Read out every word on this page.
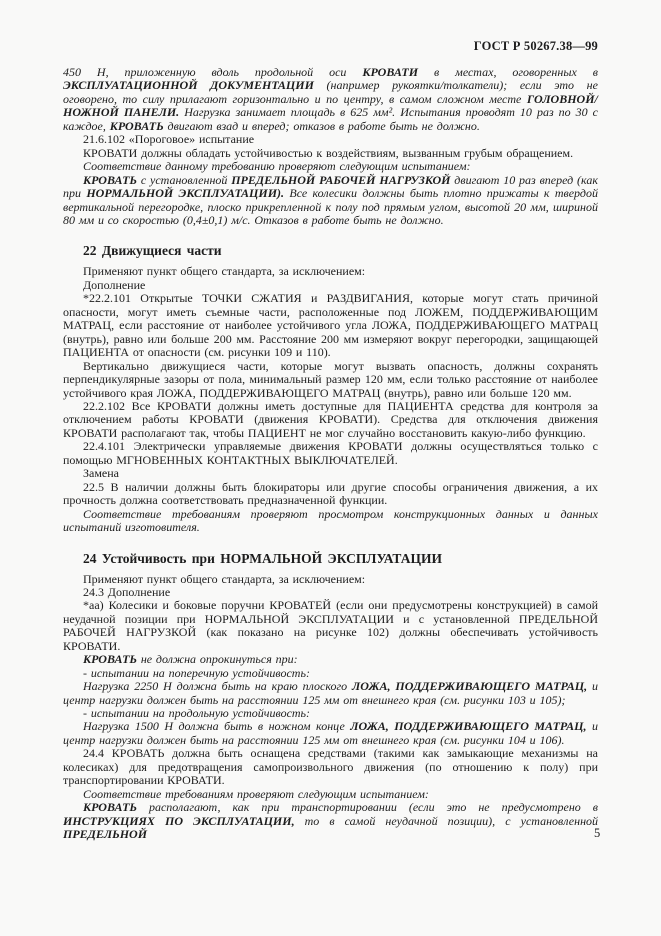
ГОСТ Р 50267.38—99

450 Н, приложенную вдоль продольной оси КРОВАТИ в местах, оговоренных в ЭКСПЛУАТАЦИОННОЙ ДОКУМЕНТАЦИИ (например рукоятки/толкатели); если это не оговорено, то силу прилагают горизонтально и по центру, в самом сложном месте ГОЛОВНОЙ/ НОЖНОЙ ПАНЕЛИ. Нагрузка занимает площадь в 625 мм². Испытания проводят 10 раз по 30 с каждое, КРОВАТЬ двигают взад и вперед; отказов в работе быть не должно.

21.6.102 «Пороговое» испытание

КРОВАТИ должны обладать устойчивостью к воздействиям, вызванным грубым обращением.

Соответствие данному требованию проверяют следующим испытанием:

КРОВАТЬ с установленной ПРЕДЕЛЬНОЙ РАБОЧЕЙ НАГРУЗКОЙ двигают 10 раз вперед (как при НОРМАЛЬНОЙ ЭКСПЛУАТАЦИИ). Все колесики должны быть плотно прижаты к твердой вертикальной перегородке, плоско прикрепленной к полу под прямым углом, высотой 20 мм, шириной 80 мм и со скоростью (0,4±0,1) м/с. Отказов в работе быть не должно.

22 Движущиеся части

Применяют пункт общего стандарта, за исключением:

Дополнение

*22.2.101 Открытые ТОЧКИ СЖАТИЯ и РАЗДВИГАНИЯ, которые могут стать причиной опасности, могут иметь съемные части, расположенные под ЛОЖЕМ, ПОДДЕРЖИВАЮЩИМ МАТРАЦ, если расстояние от наиболее устойчивого угла ЛОЖА, ПОДДЕРЖИВАЮЩЕГО МАТРАЦ (внутрь), равно или больше 200 мм. Расстояние 200 мм измеряют вокруг перегородки, защищающей ПАЦИЕНТА от опасности (см. рисунки 109 и 110).

Вертикально движущиеся части, которые могут вызвать опасность, должны сохранять перпендикулярные зазоры от пола, минимальный размер 120 мм, если только расстояние от наиболее устойчивого края ЛОЖА, ПОДДЕРЖИВАЮЩЕГО МАТРАЦ (внутрь), равно или больше 120 мм.

22.2.102 Все КРОВАТИ должны иметь доступные для ПАЦИЕНТА средства для контроля за отключением работы КРОВАТИ (движения КРОВАТИ). Средства для отключения движения КРОВАТИ располагают так, чтобы ПАЦИЕНТ не мог случайно восстановить какую-либо функцию.

22.4.101 Электрически управляемые движения КРОВАТИ должны осуществляться только с помощью МГНОВЕННЫХ КОНТАКТНЫХ ВЫКЛЮЧАТЕЛЕЙ.

Замена

22.5 В наличии должны быть блокираторы или другие способы ограничения движения, а их прочность должна соответствовать предназначенной функции.

Соответствие требованиям проверяют просмотром конструкционных данных и данных испытаний изготовителя.

24 Устойчивость при НОРМАЛЬНОЙ ЭКСПЛУАТАЦИИ

Применяют пункт общего стандарта, за исключением:

24.3 Дополнение

*аа) Колесики и боковые поручни КРОВАТЕЙ (если они предусмотрены конструкцией) в самой неудачной позиции при НОРМАЛЬНОЙ ЭКСПЛУАТАЦИИ и с установленной ПРЕДЕЛЬНОЙ РАБОЧЕЙ НАГРУЗКОЙ (как показано на рисунке 102) должны обеспечивать устойчивость КРОВАТИ.

КРОВАТЬ не должна опрокинуться при:

- испытании на поперечную устойчивость:

Нагрузка 2250 Н должна быть на краю плоского ЛОЖА, ПОДДЕРЖИВАЮЩЕГО МАТРАЦ, и центр нагрузки должен быть на расстоянии 125 мм от внешнего края (см. рисунки 103 и 105);

- испытании на продольную устойчивость:

Нагрузка 1500 Н должна быть в ножном конце ЛОЖА, ПОДДЕРЖИВАЮЩЕГО МАТРАЦ, и центр нагрузки должен быть на расстоянии 125 мм от внешнего края (см. рисунки 104 и 106).

24.4 КРОВАТЬ должна быть оснащена средствами (такими как замыкающие механизмы на колесиках) для предотвращения самопроизвольного движения (по отношению к полу) при транспортировании КРОВАТИ.

Соответствие требованиям проверяют следующим испытанием:

КРОВАТЬ располагают, как при транспортировании (если это не предусмотрено в ИНСТРУКЦИЯХ ПО ЭКСПЛУАТАЦИИ, то в самой неудачной позиции), с установленной ПРЕДЕЛЬНОЙ	5
